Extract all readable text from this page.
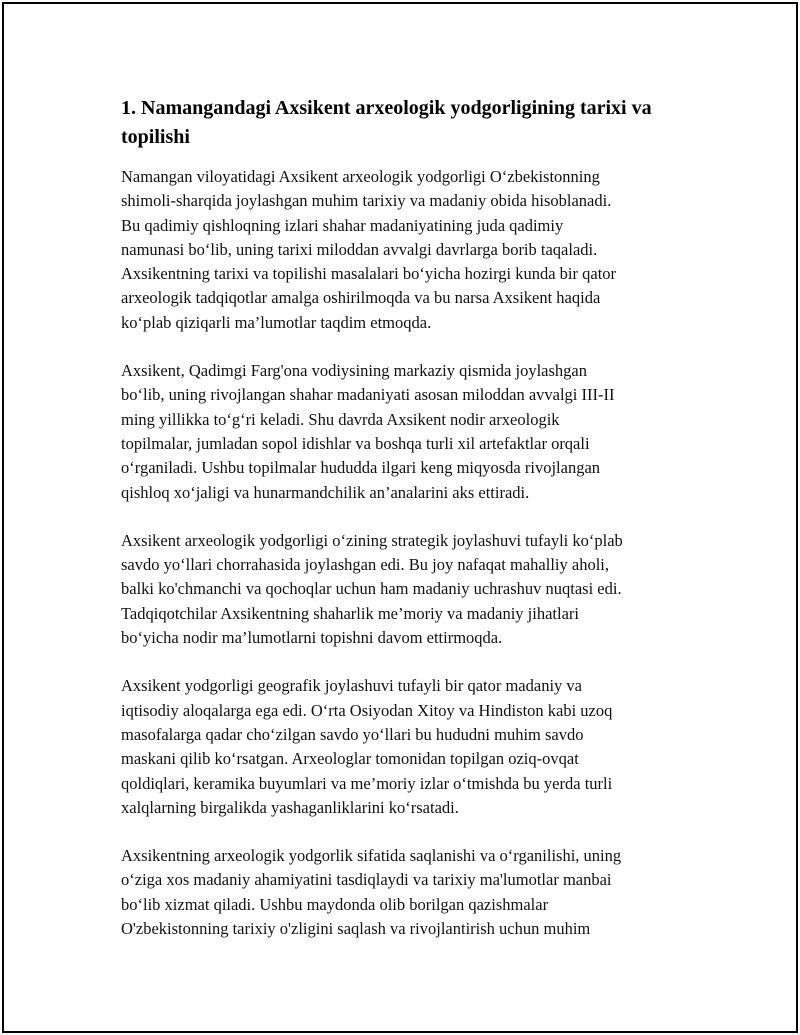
1. Namangandagi Axsikent arxeologik yodgorligining tarixi va
topilishi

Namangan viloyatidagi Axsikent arxeologik yodgorligi O‘zbekistonning
shimoli-sharqida joylashgan muhim tarixiy va madaniy obida hisoblanadi.
Bu qadimiy qishloqning izlari shahar madaniyatining juda qadimiy
namunasi bo‘lib, uning tarixi miloddan avvalgi davrlarga borib taqaladi.
Axsikentning tarixi va topilishi masalalari bo‘yicha hozirgi kunda bir qator
arxeologik tadqiqotlar amalga oshirilmoqda va bu narsa Axsikent haqida
ko‘plab qiziqarli ma’lumotlar taqdim etmoqda.

Axsikent, Qadimgi Farg'ona vodiysining markaziy qismida joylashgan
bo‘lib, uning rivojlangan shahar madaniyati asosan miloddan avvalgi III-II
ming yillikka to‘g‘ri keladi. Shu davrda Axsikent nodir arxeologik
topilmalar, jumladan sopol idishlar va boshqa turli xil artefaktlar orqali
o‘rganiladi. Ushbu topilmalar hududda ilgari keng miqyosda rivojlangan
qishloq xo‘jaligi va hunarmandchilik an’analarini aks ettiradi.

Axsikent arxeologik yodgorligi o‘zining strategik joylashuvi tufayli ko‘plab
savdo yo‘llari chorrahasida joylashgan edi. Bu joy nafaqat mahalliy aholi,
balki ko'chmanchi va qochoqlar uchun ham madaniy uchrashuv nuqtasi edi.
Tadqiqotchilar Axsikentning shaharlik me’moriy va madaniy jihatlari
bo‘yicha nodir ma’lumotlarni topishni davom ettirmoqda.

Axsikent yodgorligi geografik joylashuvi tufayli bir qator madaniy va
iqtisodiy aloqalarga ega edi. O‘rta Osiyodan Xitoy va Hindiston kabi uzoq
masofalarga qadar cho‘zilgan savdo yo‘llari bu hududni muhim savdo
maskani qilib ko‘rsatgan. Arxeologlar tomonidan topilgan oziq-ovqat
qoldiqlari, keramika buyumlari va me’moriy izlar o‘tmishda bu yerda turli
xalqlarning birgalikda yashaganliklarini ko‘rsatadi.

Axsikentning arxeologik yodgorlik sifatida saqlanishi va o‘rganilishi, uning
o‘ziga xos madaniy ahamiyatini tasdiqlaydi va tarixiy ma'lumotlar manbai
bo‘lib xizmat qiladi. Ushbu maydonda olib borilgan qazishmalar
O'zbekistonning tarixiy o'zligini saqlash va rivojlantirish uchun muhim
